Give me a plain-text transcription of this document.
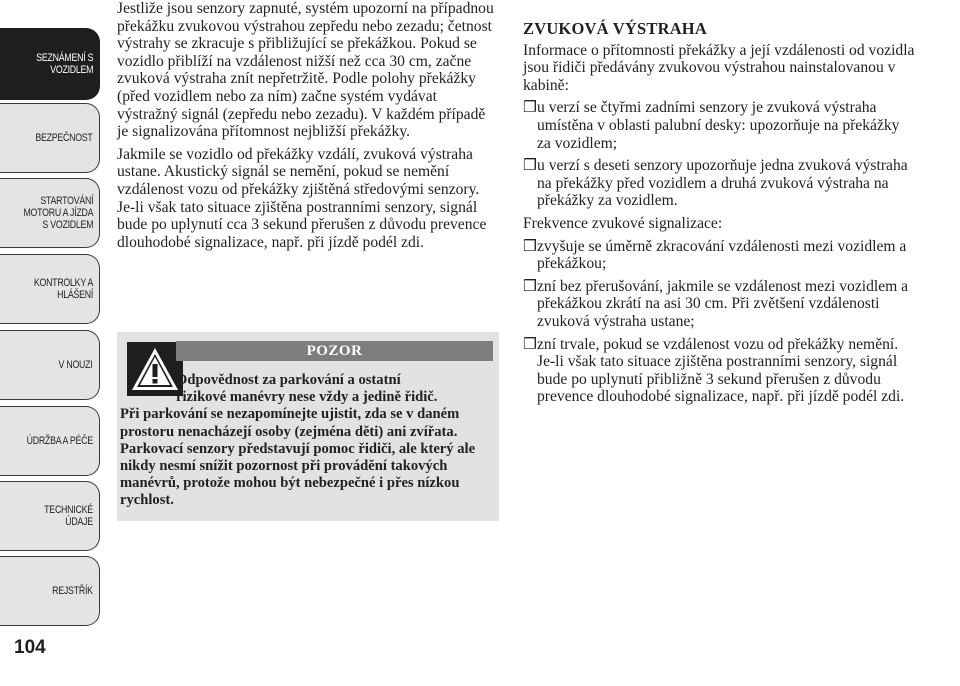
SEZNÁMENÍ S
VOZIDLEM
BEZPEČNOST
STARTOVÁNÍ
MOTORU A JÍZDA
S VOZIDLEM
KONTROLKY A
HLÁŠENÍ
V NOUZI
ÚDRŽBA A PÉČE
TECHNICKÉ
ÚDAJE
REJSTŘÍK
104

Jestliže jsou senzory zapnuté, systém upozorní na případnou překážku zvukovou výstrahou zepředu nebo zezadu; četnost výstrahy se zkracuje s přibližující se překážkou. Pokud se vozidlo přiblíží na vzdálenost nižší než cca 30 cm, začne zvuková výstraha znít nepřetržitě. Podle polohy překážky (před vozidlem nebo za ním) začne systém vydávat výstražný signál (zepředu nebo zezadu). V každém případě je signalizována přítomnost nejbližší překážky.

Jakmile se vozidlo od překážky vzdálí, zvuková výstraha ustane. Akustický signál se nemění, pokud se nemění vzdálenost vozu od překážky zjištěná středovými senzory. Je-li však tato situace zjištěna postranními senzory, signál bude po uplynutí cca 3 sekund přerušen z důvodu prevence dlouhodobé signalizace, např. při jízdě podél zdi.

POZOR
Odpovědnost za parkování a ostatní
rizikové manévry nese vždy a jedině řidič.
Při parkování se nezapomínejte ujistit, zda se v daném prostoru nenacházejí osoby (zejména děti) ani zvířata. Parkovací senzory představují pomoc řidiči, ale který ale nikdy nesmí snížit pozornost při provádění takových manévrů, protože mohou být nebezpečné i přes nízkou rychlost.
ZVUKOVÁ VÝSTRAHA

Informace o přítomnosti překážky a její vzdálenosti od vozidla jsou řidiči předávány zvukovou výstrahou nainstalovanou v kabině:

❒ u verzí se čtyřmi zadními senzory je zvuková výstraha umístěna v oblasti palubní desky: upozorňuje na překážky za vozidlem;
❒ u verzí s deseti senzory upozorňuje jedna zvuková výstraha na překážky před vozidlem a druhá zvuková výstraha na překážky za vozidlem.

Frekvence zvukové signalizace:

❒ zvyšuje se úměrně zkracování vzdálenosti mezi vozidlem a překážkou;
❒ zní bez přerušování, jakmile se vzdálenost mezi vozidlem a překážkou zkrátí na asi 30 cm. Při zvětšení vzdálenosti zvuková výstraha ustane;
❒ zní trvale, pokud se vzdálenost vozu od překážky nemění. Je-li však tato situace zjištěna postranními senzory, signál bude po uplynutí přibližně 3 sekund přerušen z důvodu prevence dlouhodobé signalizace, např. při jízdě podél zdi.
